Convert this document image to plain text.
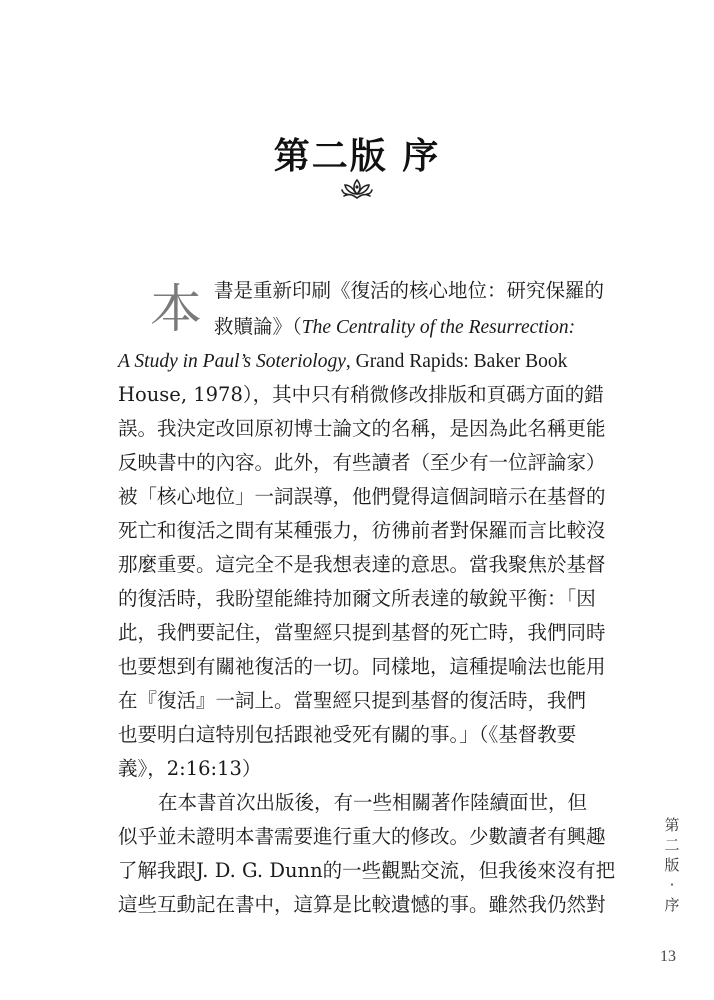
第二版 序
本 書是重新印刷《復活的核心地位：研究保羅的
救贖論》（The Centrality of the Resurrection:
A Study in Paul’s Soteriology, Grand Rapids: Baker Book
House, 1978），其中只有稍微修改排版和頁碼方面的錯
誤。我決定改回原初博士論文的名稱，是因為此名稱更能
反映書中的內容。此外，有些讀者（至少有一位評論家）
被「核心地位」一詞誤導，他們覺得這個詞暗示在基督的
死亡和復活之間有某種張力，彷彿前者對保羅而言比較沒
那麼重要。這完全不是我想表達的意思。當我聚焦於基督
的復活時，我盼望能維持加爾文所表達的敏銳平衡：「因
此，我們要記住，當聖經只提到基督的死亡時，我們同時
也要想到有關祂復活的一切。同樣地，這種提喻法也能用
在『復活』一詞上。當聖經只提到基督的復活時，我們
也要明白這特別包括跟祂受死有關的事。」（《基督教要
義》，2:16:13）
在本書首次出版後，有一些相關著作陸續面世，但
似乎並未證明本書需要進行重大的修改。少數讀者有興趣
了解我跟J. D. G. Dunn的一些觀點交流，但我後來沒有把
這些互動記在書中，這算是比較遺憾的事。雖然我仍然對
第
二
版
·
序
13
